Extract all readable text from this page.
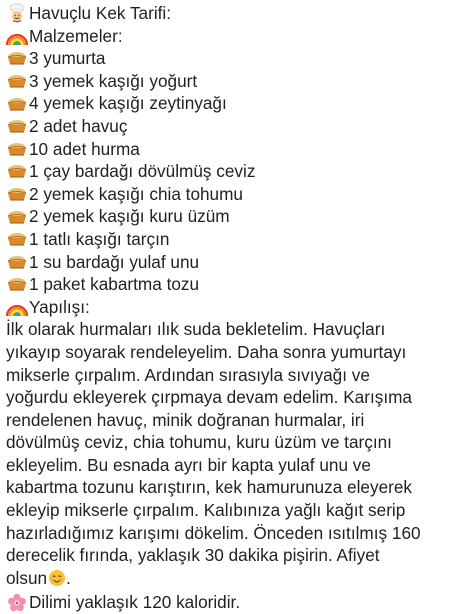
Havuçlu Kek Tarifi:
Malzemeler:
3 yumurta
3 yemek kaşığı yoğurt
4 yemek kaşığı zeytinyağı
2 adet havuç
10 adet hurma
1 çay bardağı dövülmüş ceviz
2 yemek kaşığı chia tohumu
2 yemek kaşığı kuru üzüm
1 tatlı kaşığı tarçın
1 su bardağı yulaf unu
1 paket kabartma tozu
Yapılışı:

İlk olarak hurmaları ılık suda bekletelim. Havuçları
yıkayıp soyarak rendeleyelim. Daha sonra yumurtayı
mikserle çırpalım. Ardından sırasıyla sıvıyağı ve
yoğurdu ekleyerek çırpmaya devam edelim. Karışıma
rendelenen havuç, minik doğranan hurmalar, iri
dövülmüş ceviz, chia tohumu, kuru üzüm ve tarçını
ekleyelim. Bu esnada ayrı bir kapta yulaf unu ve
kabartma tozunu karıştırın, kek hamurunuza eleyerek
ekleyip mikserle çırpalım. Kalıbınıza yağlı kağıt serip
hazırladığımız karışımı dökelim. Önceden ısıtılmış 160
derecelik fırında, yaklaşık 30 dakika pişirin. Afiyet
olsun .

Dilimi yaklaşık 120 kaloridir.
